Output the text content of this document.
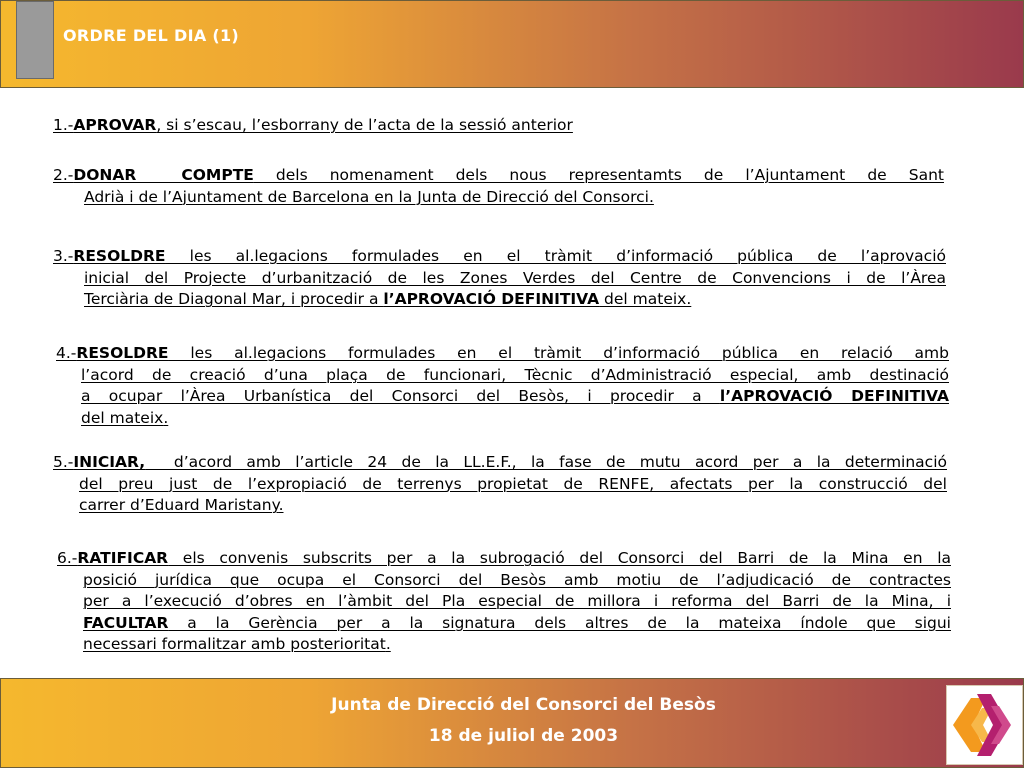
ORDRE DEL DIA (1)
1.-APROVAR, si s’escau, l’esborrany de l’acta de la sessió anterior
2.-DONAR  COMPTE dels nomenament dels nous representamts de l’Ajuntament de Sant
Adrià i de l’Ajuntament de Barcelona en la Junta de Direcció del Consorci.
3.-RESOLDRE les al.legacions formulades en el tràmit d’informació pública de l’aprovació
inicial del Projecte d’urbanització de les Zones Verdes del Centre de Convencions i de l’Àrea
Terciària de Diagonal Mar, i procedir a l’APROVACIÓ DEFINITIVA del mateix.
4.-RESOLDRE les al.legacions formulades en el tràmit d’informació pública en relació amb
l’acord de creació d’una plaça de funcionari, Tècnic d’Administració especial, amb destinació
a ocupar l’Àrea Urbanística del Consorci del Besòs, i procedir a l’APROVACIÓ DEFINITIVA
del mateix.
5.-INICIAR,  d’acord amb l’article 24 de la LL.E.F., la fase de mutu acord per a la determinació
del preu just de l’expropiació de terrenys propietat de RENFE, afectats per la construcció del
carrer d’Eduard Maristany.
6.-RATIFICAR els convenis subscrits per a la subrogació del Consorci del Barri de la Mina en la
posició jurídica que ocupa el Consorci del Besòs amb motiu de l’adjudicació de contractes
per a l’execució d’obres en l’àmbit del Pla especial de millora i reforma del Barri de la Mina, i
FACULTAR a la Gerència per a la signatura dels altres de la mateixa índole que sigui
necessari formalitzar amb posterioritat.
Junta de Direcció del Consorci del Besòs
18 de juliol de 2003
